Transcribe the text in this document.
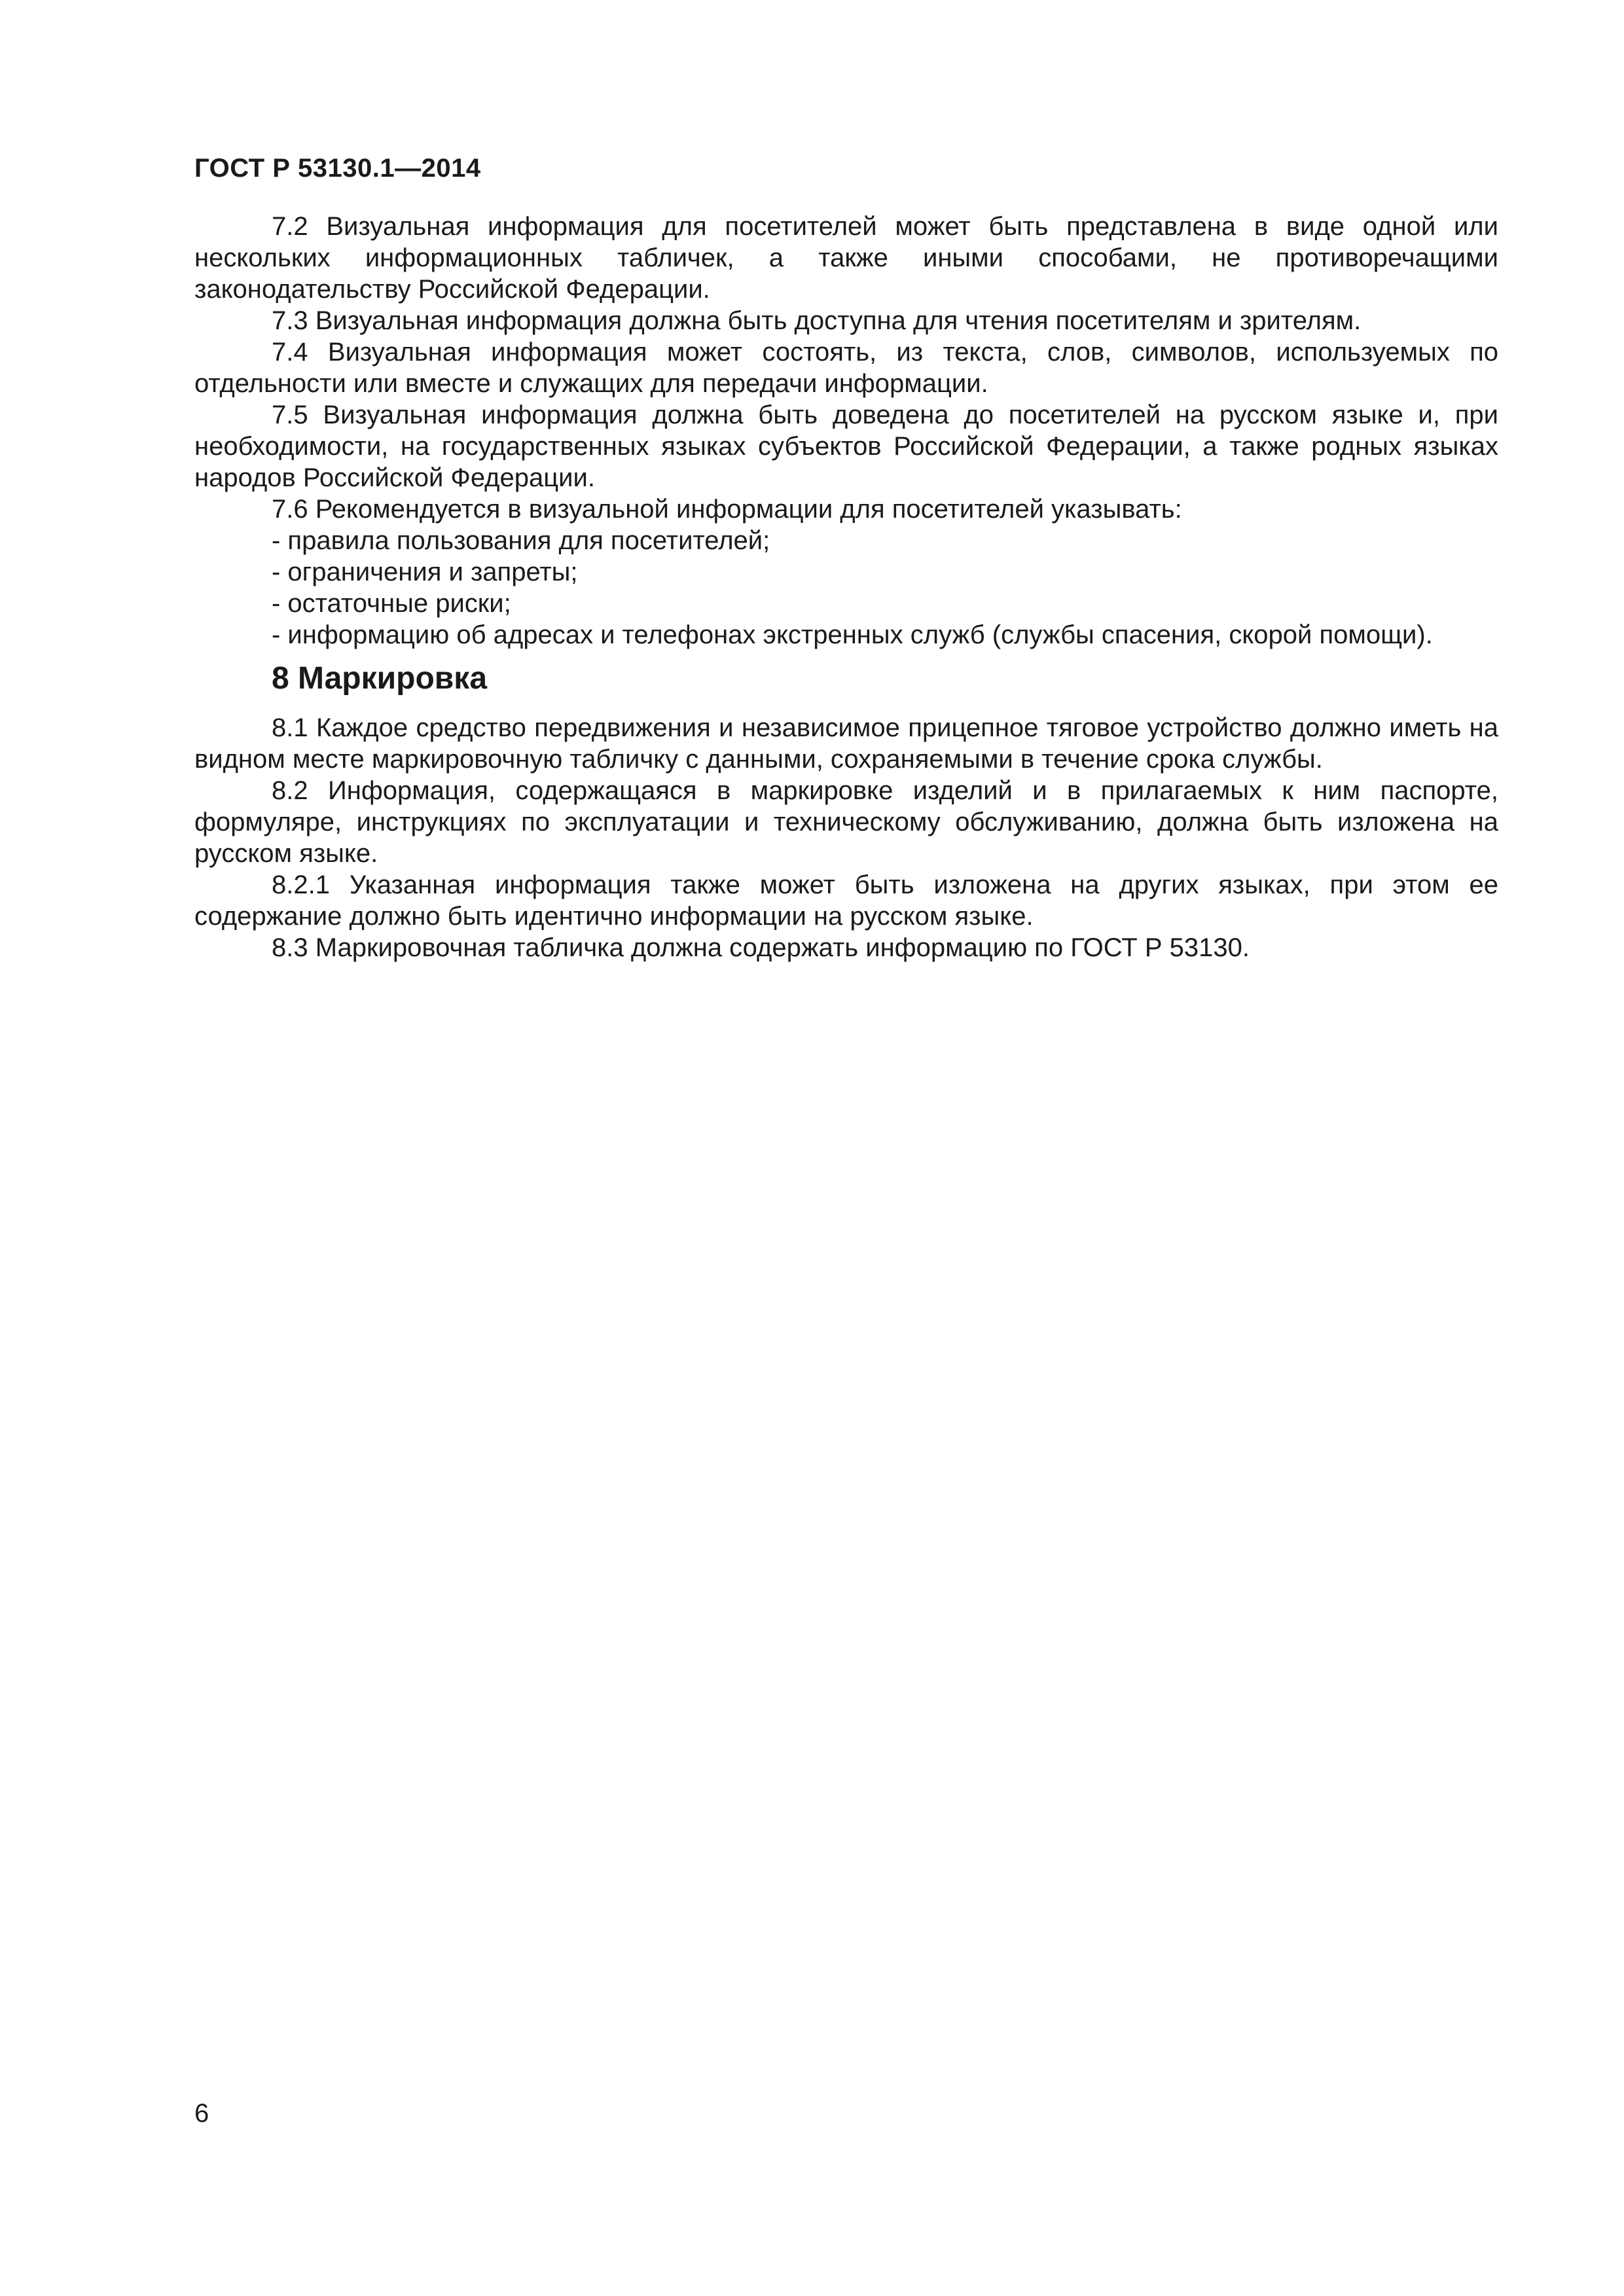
ГОСТ Р 53130.1—2014

7.2 Визуальная информация для посетителей может быть представлена в виде одной или нескольких информационных табличек, а также иными способами, не противоречащими законодательству Российской Федерации.

7.3 Визуальная информация должна быть доступна для чтения посетителям и зрителям.

7.4 Визуальная информация может состоять, из текста, слов, символов, используемых по отдельности или вместе и служащих для передачи информации.

7.5 Визуальная информация должна быть доведена до посетителей на русском языке и, при необходимости, на государственных языках субъектов Российской Федерации, а также родных языках народов Российской Федерации.

7.6 Рекомендуется в визуальной информации для посетителей указывать:

- правила пользования для посетителей;

- ограничения и запреты;

- остаточные риски;

- информацию об адресах и телефонах экстренных служб (службы спасения, скорой помощи).

8 Маркировка

8.1 Каждое средство передвижения и независимое прицепное тяговое устройство должно иметь на видном месте маркировочную табличку с данными, сохраняемыми в течение срока службы.

8.2 Информация, содержащаяся в маркировке изделий и в прилагаемых к ним паспорте, формуляре, инструкциях по эксплуатации и техническому обслуживанию, должна быть изложена на русском языке.

8.2.1 Указанная информация также может быть изложена на других языках, при этом ее содержание должно быть идентично информации на русском языке.

8.3 Маркировочная табличка должна содержать информацию по ГОСТ Р 53130.

6
